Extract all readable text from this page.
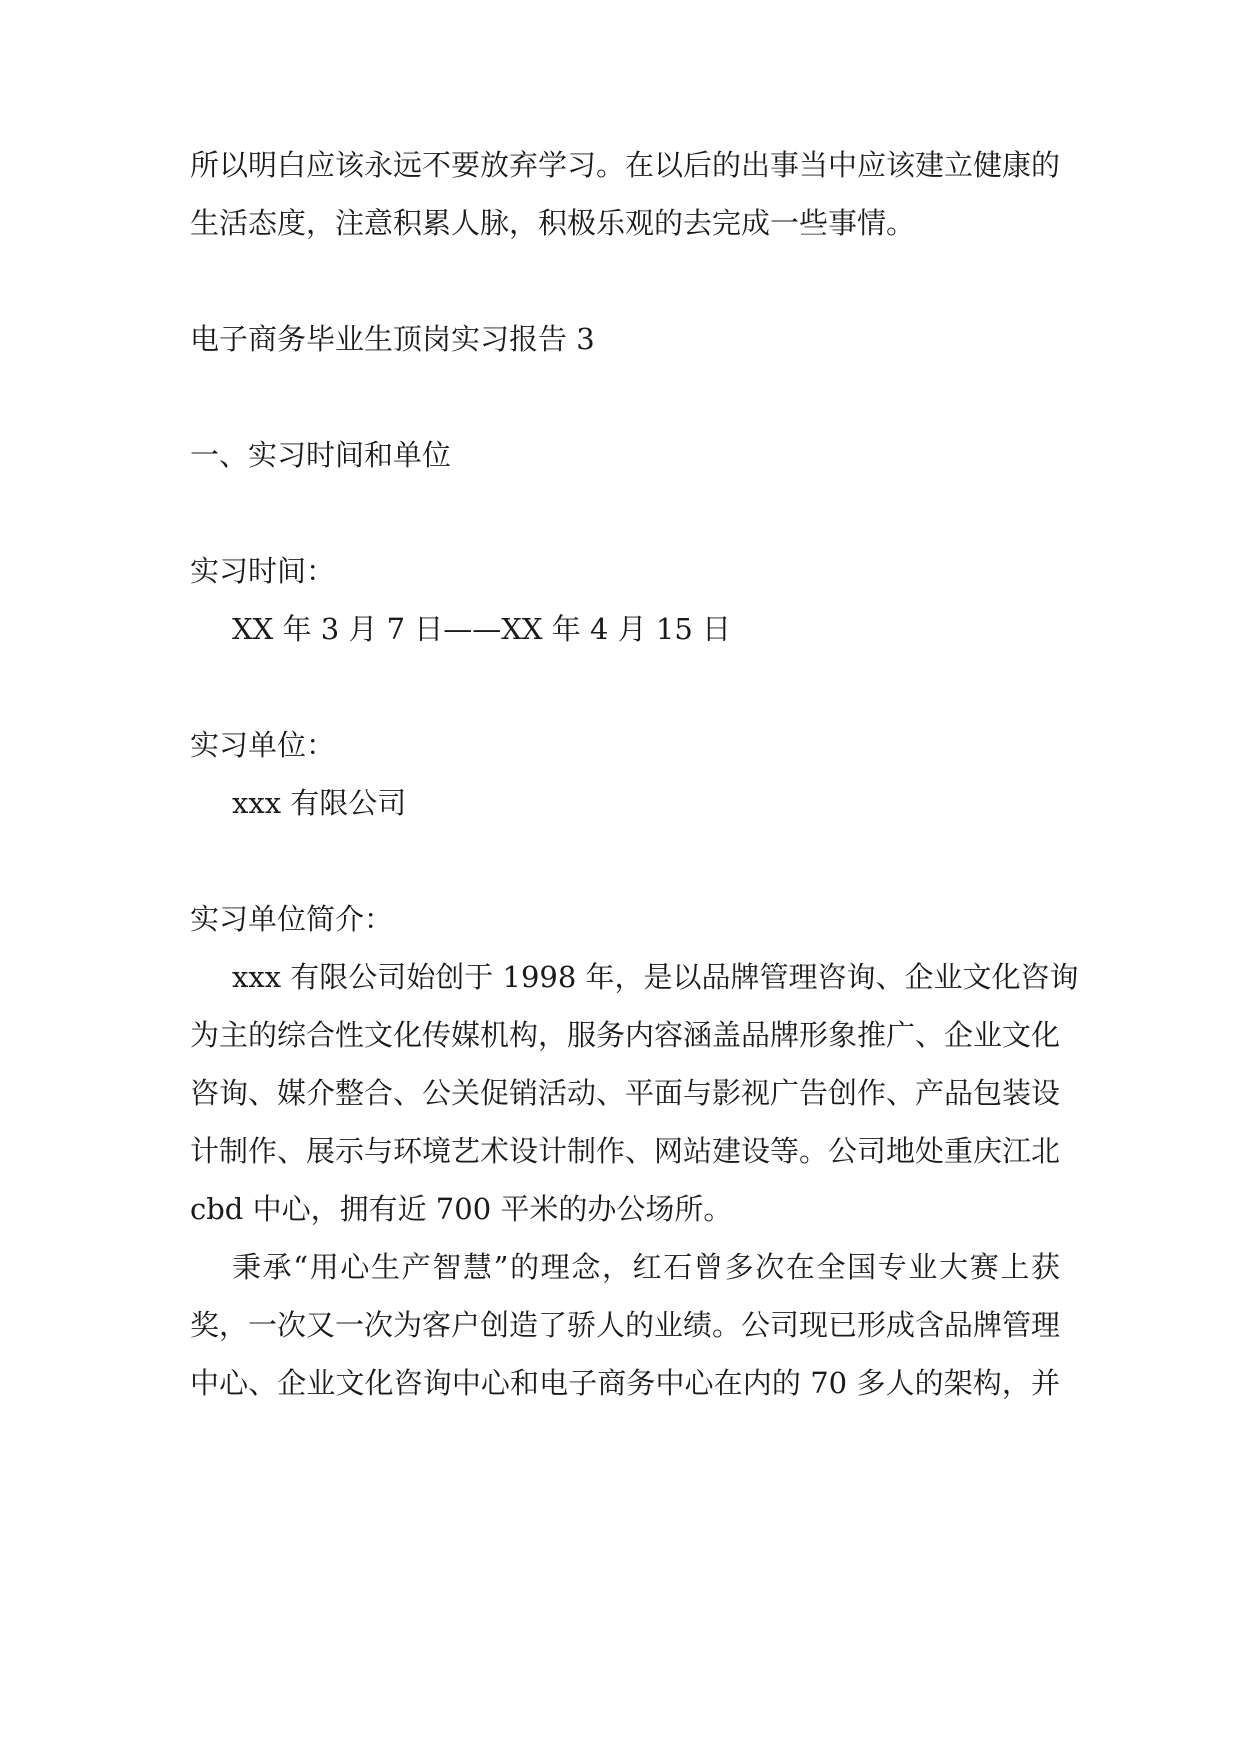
所以明白应该永远不要放弃学习。在以后的出事当中应该建立健康的
生活态度，注意积累人脉，积极乐观的去完成一些事情。
电子商务毕业生顶岗实习报告 3
一、实习时间和单位
实习时间：
XX 年 3 月 7 日——XX 年 4 月 15 日
实习单位：
xxx 有限公司
实习单位简介：
xxx 有限公司始创于 1998 年，是以品牌管理咨询、企业文化咨询
为主的综合性文化传媒机构，服务内容涵盖品牌形象推广、企业文化
咨询、媒介整合、公关促销活动、平面与影视广告创作、产品包装设
计制作、展示与环境艺术设计制作、网站建设等。公司地处重庆江北
cbd 中心，拥有近 700 平米的办公场所。
秉承“用心生产智慧”的理念，红石曾多次在全国专业大赛上获
奖，一次又一次为客户创造了骄人的业绩。公司现已形成含品牌管理
中心、企业文化咨询中心和电子商务中心在内的 70 多人的架构，并
